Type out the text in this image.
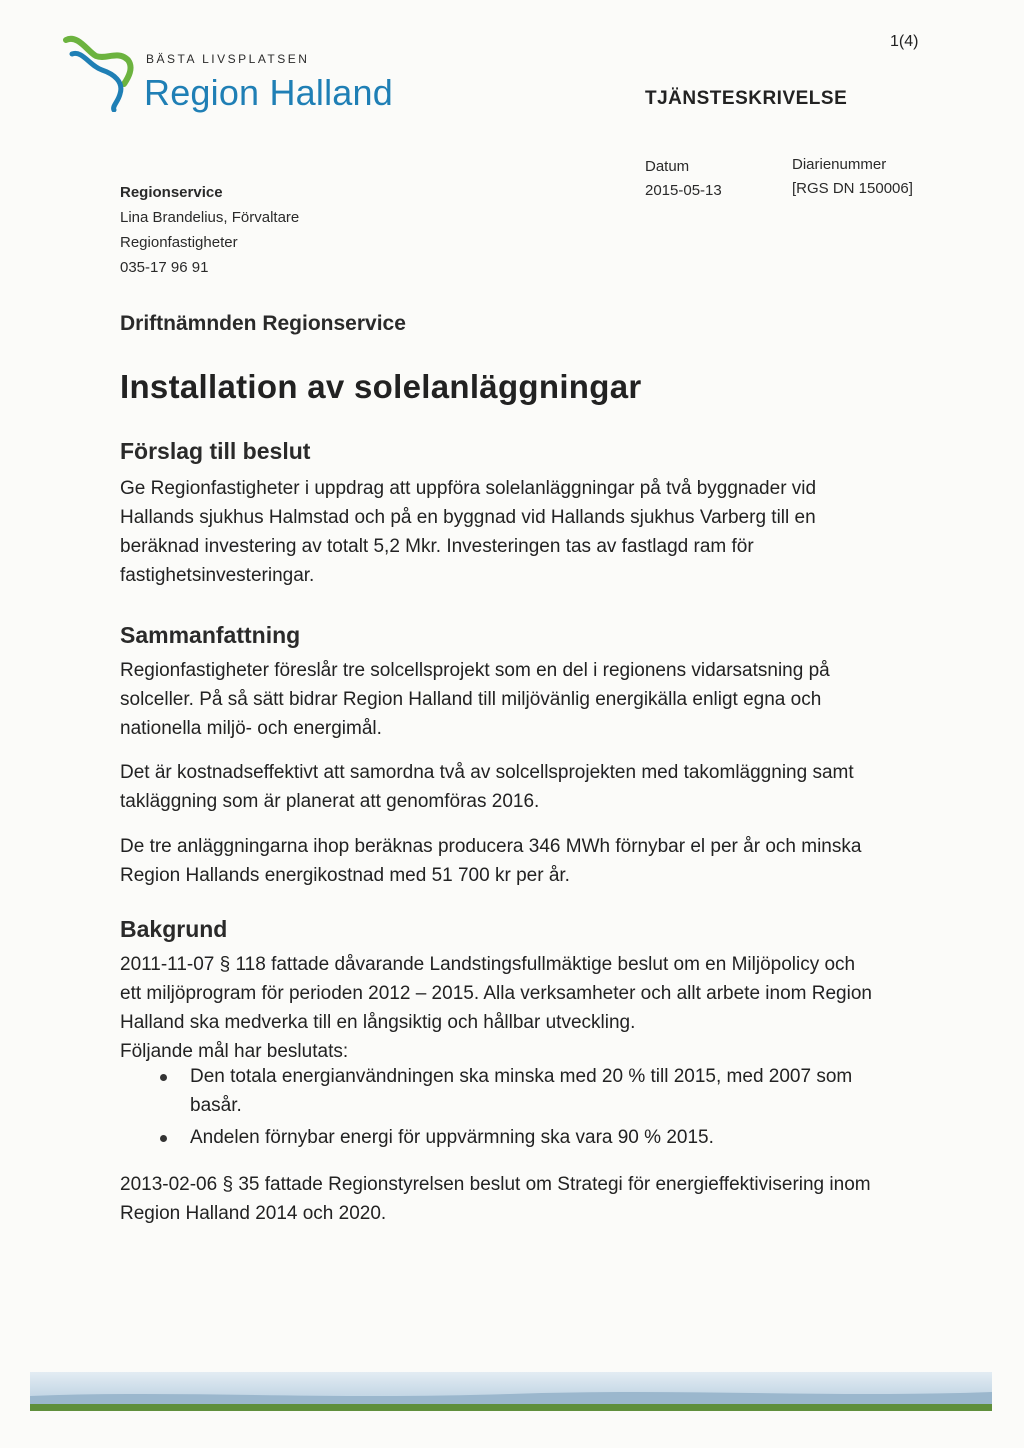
BÄSTA LIVSPLATSEN
Region Halland
1(4)
TJÄNSTESKRIVELSE
Datum
2015-05-13
Diarienummer
[RGS DN 150006]
Regionservice
Lina Brandelius, Förvaltare
Regionfastigheter
035-17 96 91
Driftnämnden Regionservice
Installation av solelanläggningar
Förslag till beslut

Ge Regionfastigheter i uppdrag att uppföra solelanläggningar på två byggnader vid Hallands sjukhus Halmstad och på en byggnad vid Hallands sjukhus Varberg till en beräknad investering av totalt 5,2 Mkr. Investeringen tas av fastlagd ram för fastighetsinvesteringar.

Sammanfattning

Regionfastigheter föreslår tre solcellsprojekt som en del i regionens vidarsatsning på solceller. På så sätt bidrar Region Halland till miljövänlig energikälla enligt egna och nationella miljö- och energimål.

Det är kostnadseffektivt att samordna två av solcellsprojekten med takomläggning samt takläggning som är planerat att genomföras 2016.

De tre anläggningarna ihop beräknas producera 346 MWh förnybar el per år och minska Region Hallands energikostnad med 51 700 kr per år.

Bakgrund

2011-11-07 § 118 fattade dåvarande Landstingsfullmäktige beslut om en Miljöpolicy och ett miljöprogram för perioden 2012 – 2015. Alla verksamheter och allt arbete inom Region Halland ska medverka till en långsiktig och hållbar utveckling.

Följande mål har beslutats:

Den totala energianvändningen ska minska med 20 % till 2015, med 2007 som basår.
Andelen förnybar energi för uppvärmning ska vara 90 % 2015.

2013-02-06 § 35 fattade Regionstyrelsen beslut om Strategi för energieffektivisering inom Region Halland 2014 och 2020.
